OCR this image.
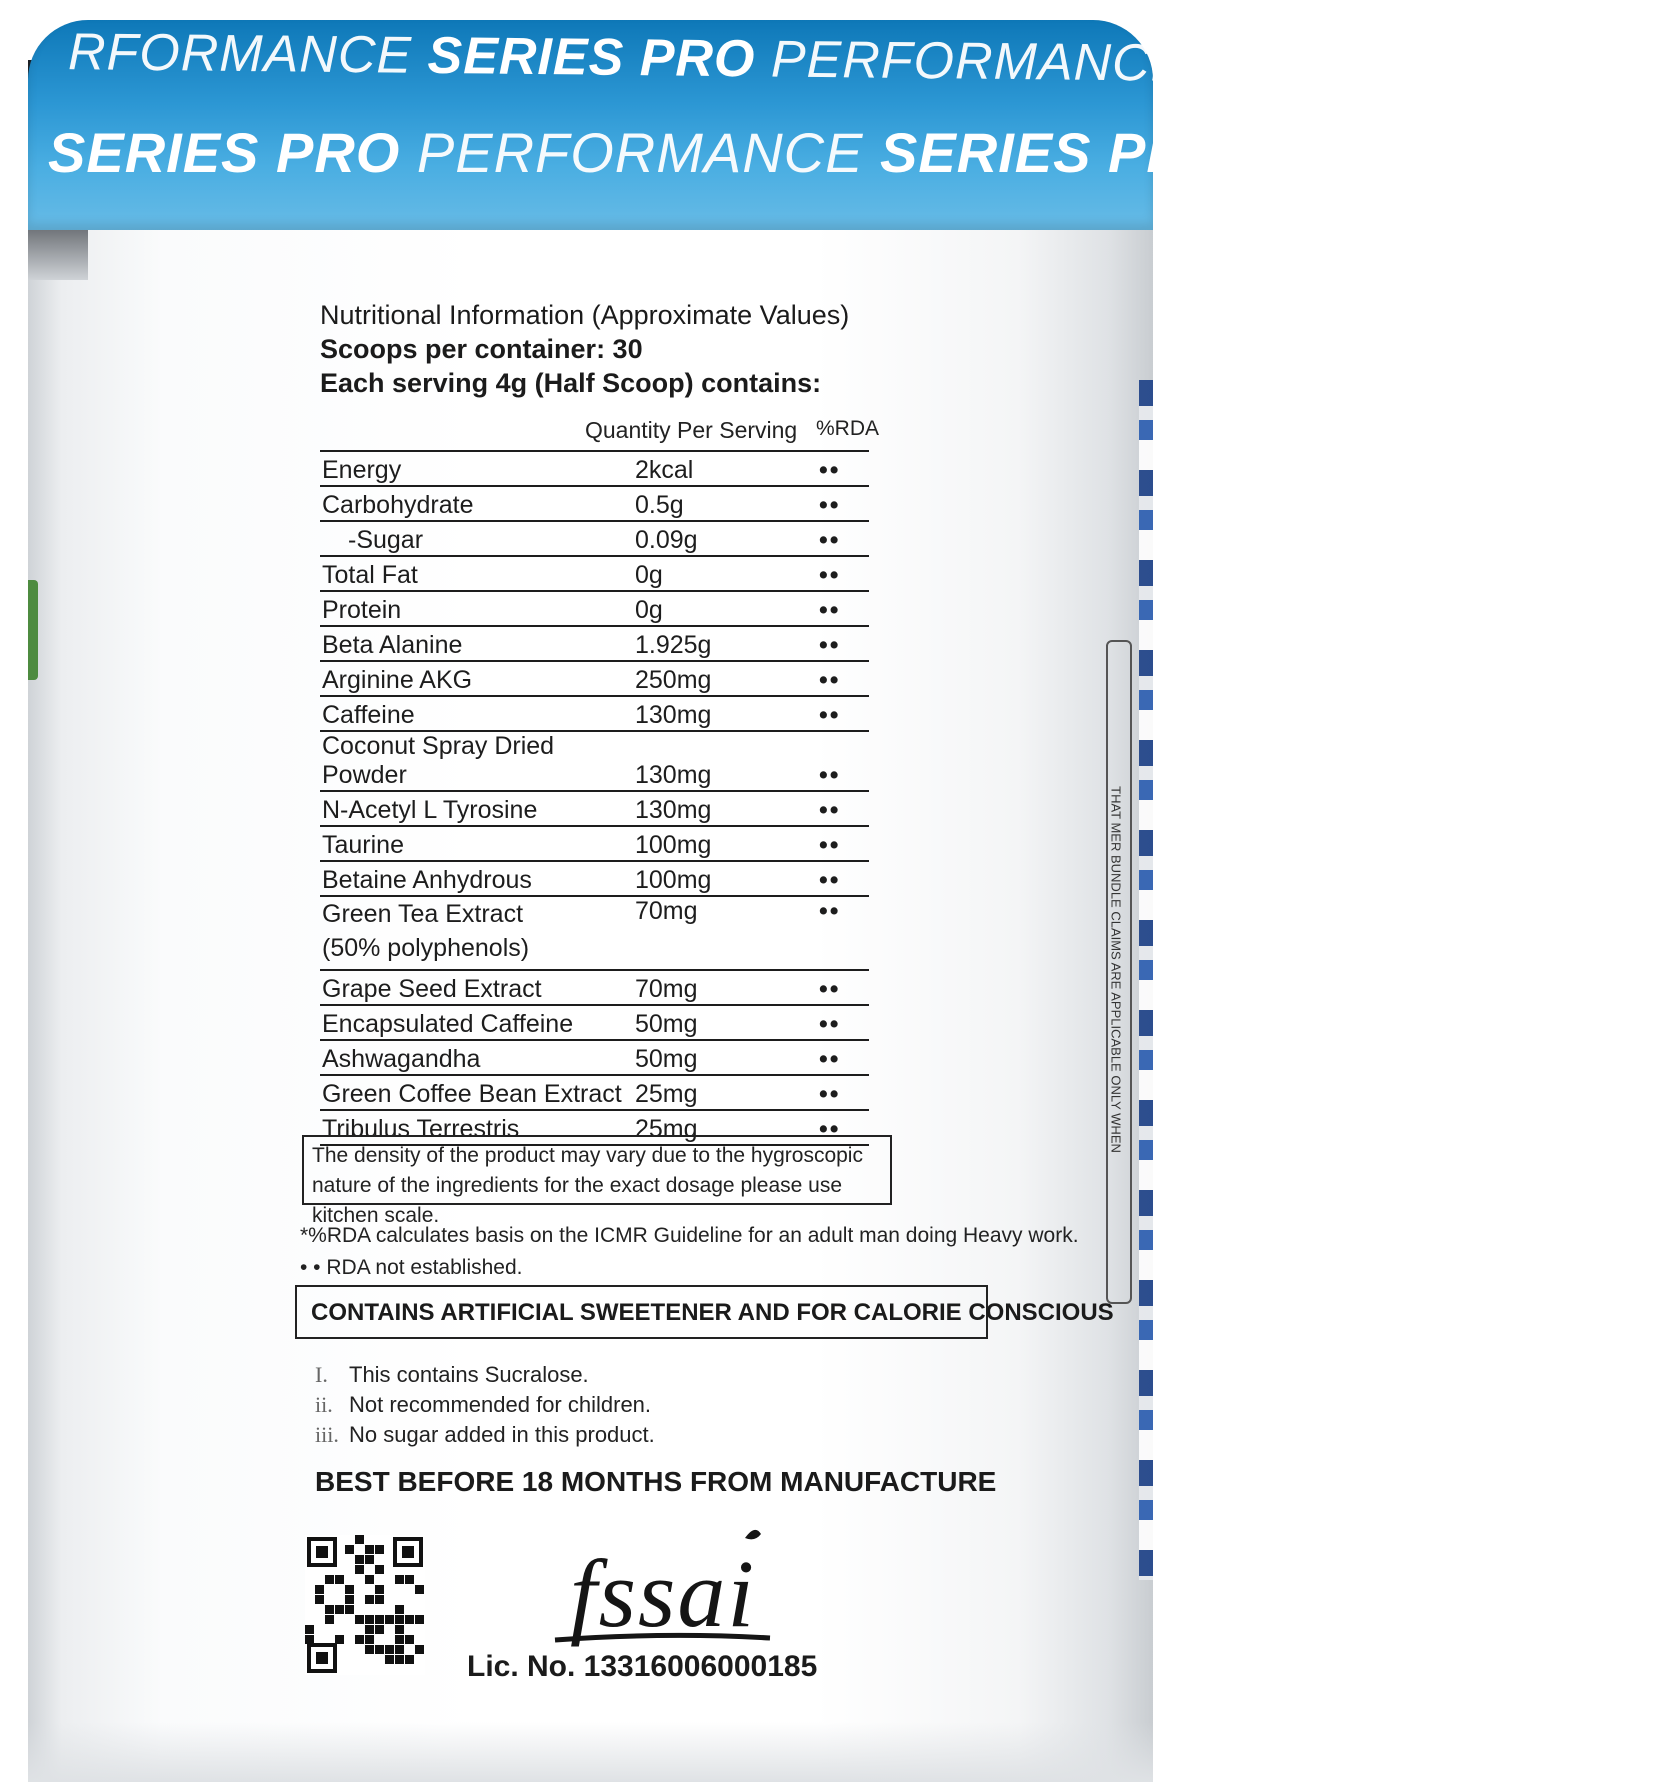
RFORMANCE SERIES PRO PERFORMANCE SERIE. PRO
SERIES PRO PERFORMANCE SERIES PRO PERFOIANCE S
THAT MER BUNDLE CLAIMS ARE APPLICABLE ONLY WHEN
Nutritional Information (Approximate Values)
Scoops per container: 30
Each serving 4g (Half Scoop) contains:
Quantity Per Serving %RDA
Energy	2kcal	••
Carbohydrate	0.5g	••
-Sugar	0.09g	••
Total Fat	0g	••
Protein	0g	••
Beta Alanine	1.925g	••
Arginine AKG	250mg	••
Caffeine	130mg	••
Coconut Spray Dried Powder	130mg	••
N-Acetyl L Tyrosine	130mg	••
Taurine	100mg	••
Betaine Anhydrous	100mg	••
Green Tea Extract
(50% polyphenols)	70mg	••
Grape Seed Extract	70mg	••
Encapsulated Caffeine	50mg	••
Ashwagandha	50mg	••
Green Coffee Bean Extract	25mg	••
Tribulus Terrestris	25mg	••
The density of the product may vary due to the hygroscopic nature of the ingredients for the exact dosage please use kitchen scale.
*%RDA calculates basis on the ICMR Guideline for an adult man doing Heavy work.
• • RDA not established.
CONTAINS ARTIFICIAL SWEETENER AND FOR CALORIE CONSCIOUS
I. This contains Sucralose.
ii. Not recommended for children.
iii. No sugar added in this product.
BEST BEFORE 18 MONTHS FROM MANUFACTURE
fssai
Lic. No. 13316006000185
